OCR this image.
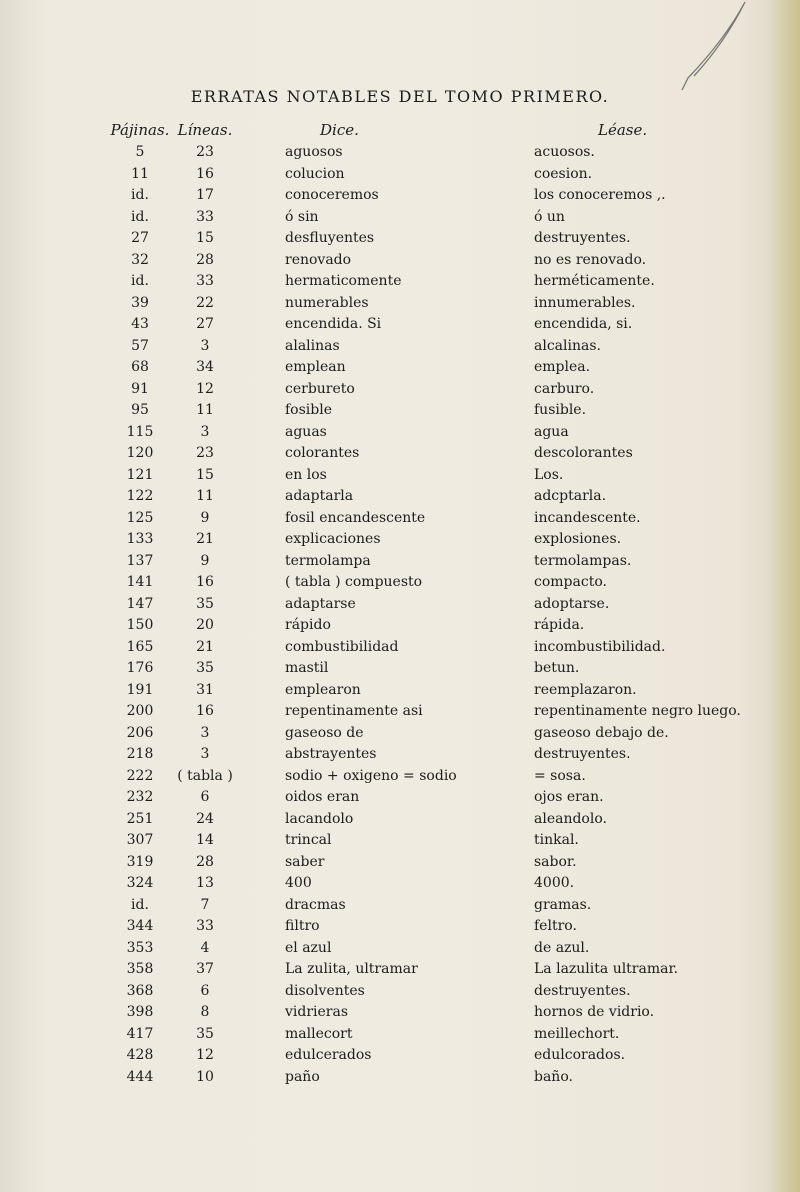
ERRATAS NOTABLES DEL TOMO PRIMERO.
Pájinas. Líneas.	Dice.	Léase.
5	23	aguosos	acuosos.
11	16	colucion	coesion.
id.	17	conoceremos	los conoceremos ,.
id.	33	ó sin	ó un
27	15	desfluyentes	destruyentes.
32	28	renovado	no es renovado.
id.	33	hermaticomente	herméticamente.
39	22	numerables	innumerables.
43	27	encendida. Si	encendida, si.
57	3	alalinas	alcalinas.
68	34	emplean	emplea.
91	12	cerbureto	carburo.
95	11	fosible	fusible.
115	3	aguas	agua
120	23	colorantes	descolorantes
121	15	en los	Los.
122	11	adaptarla	adcptarla.
125	9	fosil encandescente	incandescente.
133	21	explicaciones	explosiones.
137	9	termolampa	termolampas.
141	16	( tabla ) compuesto	compacto.
147	35	adaptarse	adoptarse.
150	20	rápido	rápida.
165	21	combustibilidad	incombustibilidad.
176	35	mastil	betun.
191	31	emplearon	reemplazaron.
200	16	repentinamente asi	repentinamente negro luego.
206	3	gaseoso de	gaseoso debajo de.
218	3	abstrayentes	destruyentes.
222	( tabla )	sodio + oxigeno = sodio	= sosa.
232	6	oidos eran	ojos eran.
251	24	lacandolo	aleandolo.
307	14	trincal	tinkal.
319	28	saber	sabor.
324	13	400	4000.
id.	7	dracmas	gramas.
344	33	filtro	feltro.
353	4	el azul	de azul.
358	37	La zulita, ultramar	La lazulita ultramar.
368	6	disolventes	destruyentes.
398	8	vidrieras	hornos de vidrio.
417	35	mallecort	meillechort.
428	12	edulcerados	edulcorados.
444	10	paño	baño.
